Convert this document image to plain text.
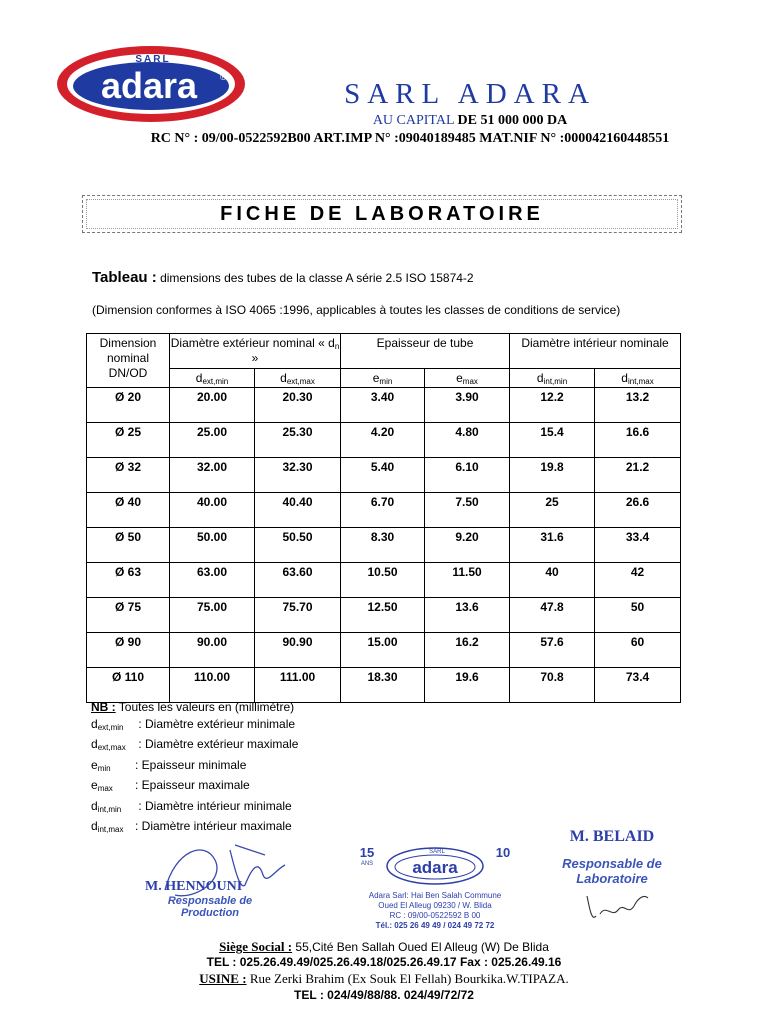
SARL
adara	®
SARL ADARA
AU CAPITAL DE 51 000 000 DA
RC N° : 09/00-0522592B00 ART.IMP N° :09040189485 MAT.NIF N° :000042160448551
FICHE DE LABORATOIRE
Tableau : dimensions des tubes de la classe A série 2.5 ISO 15874-2
(Dimension conformes à ISO 4065 :1996, applicables à toutes les classes de conditions de service)
Dimension
nominal
DN/OD	Diamètre extérieur nominal « $d_n$ »		Epaisseur de tube		Diamètre intérieur nominale	
	$d_{ext,min}$	$d_{ext,max}$	$e_{min}$	$e_{max}$	$d_{int,min}$	$d_{int,max}$
Ø 20	20.00	20.30	3.40	3.90	12.2	13.2
Ø 25	25.00	25.30	4.20	4.80	15.4	16.6
Ø 32	32.00	32.30	5.40	6.10	19.8	21.2
Ø 40	40.00	40.40	6.70	7.50	25	26.6
Ø 50	50.00	50.50	8.30	9.20	31.6	33.4
Ø 63	63.00	63.60	10.50	11.50	40	42
Ø 75	75.00	75.70	12.50	13.6	47.8	50
Ø 90	90.00	90.90	15.00	16.2	57.6	60
Ø 110	110.00	111.00	18.30	19.6	70.8	73.4
NB : Toutes les valeurs en (millimètre)
$d_{ext,min}$ : Diamètre extérieur minimale
$d_{ext,max}$ : Diamètre extérieur maximale
$e_{min}$ : Epaisseur minimale
$e_{max}$ : Epaisseur maximale
$d_{int,min}$ : Diamètre intérieur minimale
$d_{int,max}$ : Diamètre intérieur maximale
M. HENNOUNI
Responsable de Production
15
ANS
10
SARL
adara
Adara Sarl: Hai Ben Salah Commune
Oued El Alleug 09230 / W. Blida
RC : 09/00-0522592 B 00
Tél.: 025 26 49 49 / 024 49 72 72
M. BELAID
Responsable de Laboratoire
Siège Social : 55,Cité Ben Sallah Oued El Alleug (W) De Blida
TEL : 025.26.49.49/025.26.49.18/025.26.49.17 Fax : 025.26.49.16
USINE : Rue Zerki Brahim (Ex Souk El Fellah) Bourkika.W.TIPAZA.
TEL : 024/49/88/88. 024/49/72/72
